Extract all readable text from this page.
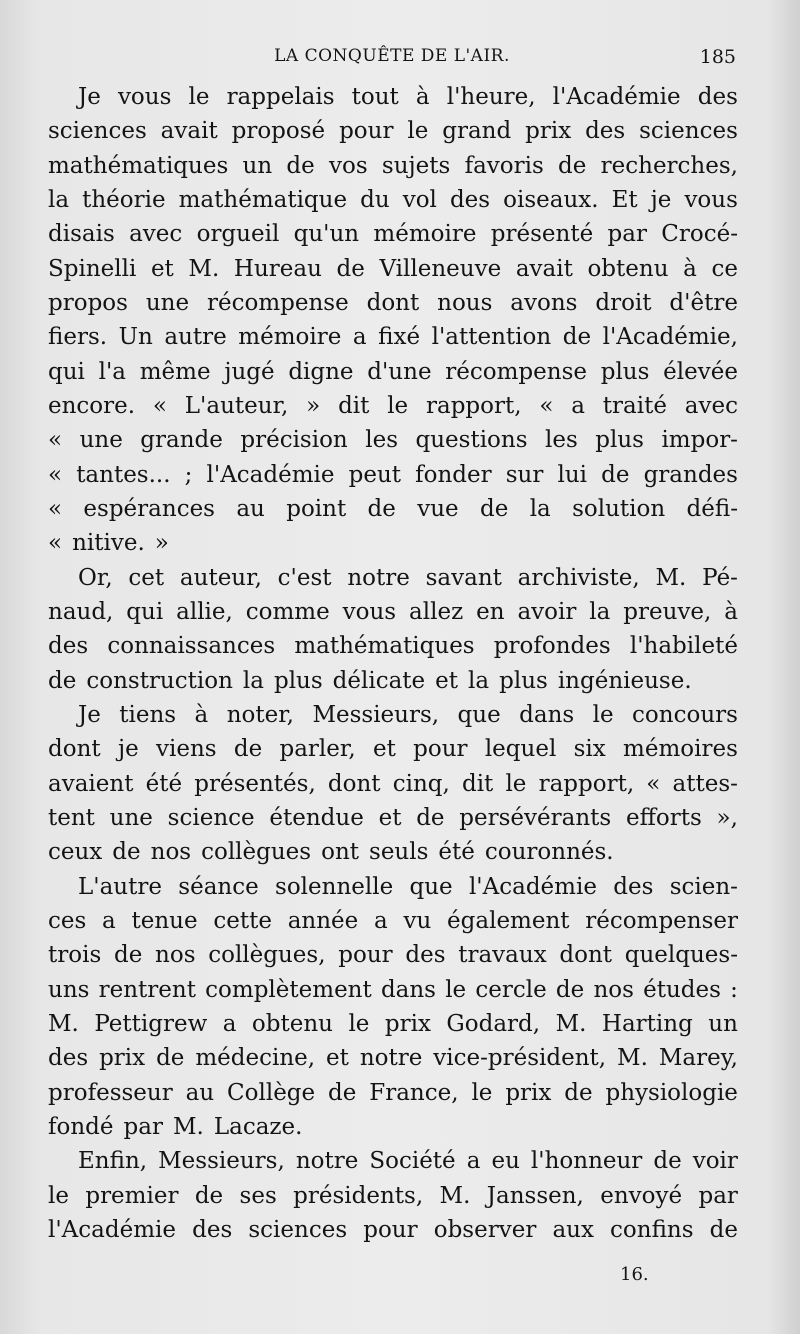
LA CONQUÊTE DE L'AIR.	185
Je vous le rappelais tout à l'heure, l'Académie des
sciences avait proposé pour le grand prix des sciences
mathématiques un de vos sujets favoris de recherches,
la théorie mathématique du vol des oiseaux. Et je vous
disais avec orgueil qu'un mémoire présenté par Crocé-
Spinelli et M. Hureau de Villeneuve avait obtenu à ce
propos une récompense dont nous avons droit d'être
fiers. Un autre mémoire a fixé l'attention de l'Académie,
qui l'a même jugé digne d'une récompense plus élevée
encore. « L'auteur, » dit le rapport, « a traité avec
« une grande précision les questions les plus impor-
« tantes... ; l'Académie peut fonder sur lui de grandes
« espérances au point de vue de la solution défi-
« nitive. »
Or, cet auteur, c'est notre savant archiviste, M. Pé-
naud, qui allie, comme vous allez en avoir la preuve, à
des connaissances mathématiques profondes l'habileté
de construction la plus délicate et la plus ingénieuse.
Je tiens à noter, Messieurs, que dans le concours
dont je viens de parler, et pour lequel six mémoires
avaient été présentés, dont cinq, dit le rapport, « attes-
tent une science étendue et de persévérants efforts »,
ceux de nos collègues ont seuls été couronnés.
L'autre séance solennelle que l'Académie des scien-
ces a tenue cette année a vu également récompenser
trois de nos collègues, pour des travaux dont quelques-
uns rentrent complètement dans le cercle de nos études :
M. Pettigrew a obtenu le prix Godard, M. Harting un
des prix de médecine, et notre vice-président, M. Marey,
professeur au Collège de France, le prix de physiologie
fondé par M. Lacaze.
Enfin, Messieurs, notre Société a eu l'honneur de voir
le premier de ses présidents, M. Janssen, envoyé par
l'Académie des sciences pour observer aux confins de
16.
